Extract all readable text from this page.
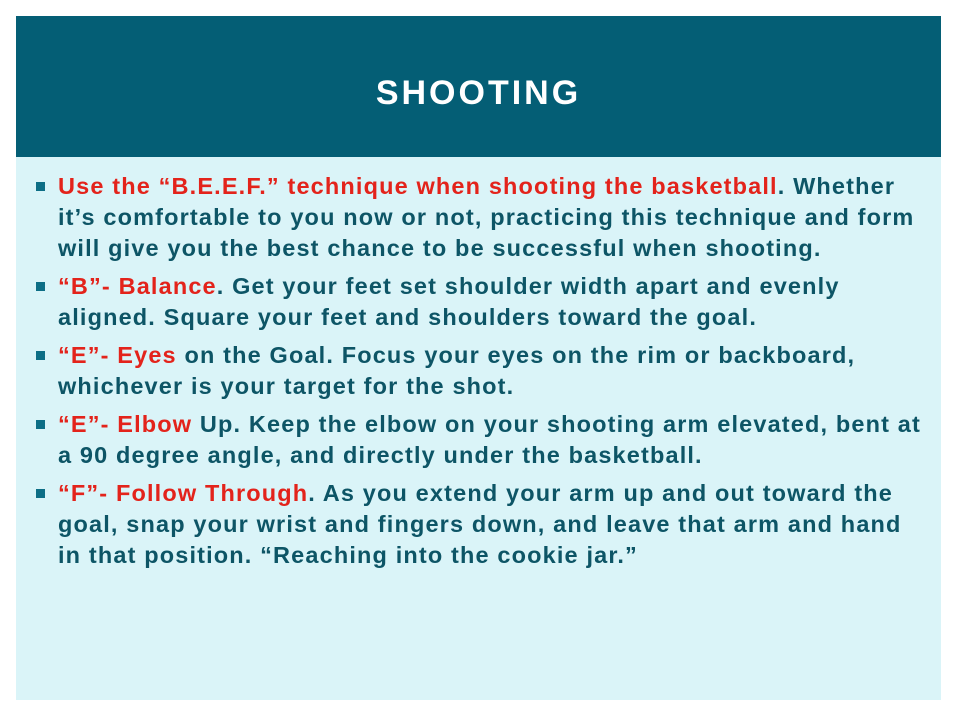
SHOOTING
Use the “B.E.E.F.” technique when shooting the basketball. Whether it’s comfortable to you now or not, practicing this technique and form will give you the best chance to be successful when shooting.
“B”- Balance. Get your feet set shoulder width apart and evenly aligned. Square your feet and shoulders toward the goal.
“E”- Eyes on the Goal. Focus your eyes on the rim or backboard, whichever is your target for the shot.
“E”- Elbow Up. Keep the elbow on your shooting arm elevated, bent at a 90 degree angle, and directly under the basketball.
“F”- Follow Through. As you extend your arm up and out toward the goal, snap your wrist and fingers down, and leave that arm and hand in that position. “Reaching into the cookie jar.”
